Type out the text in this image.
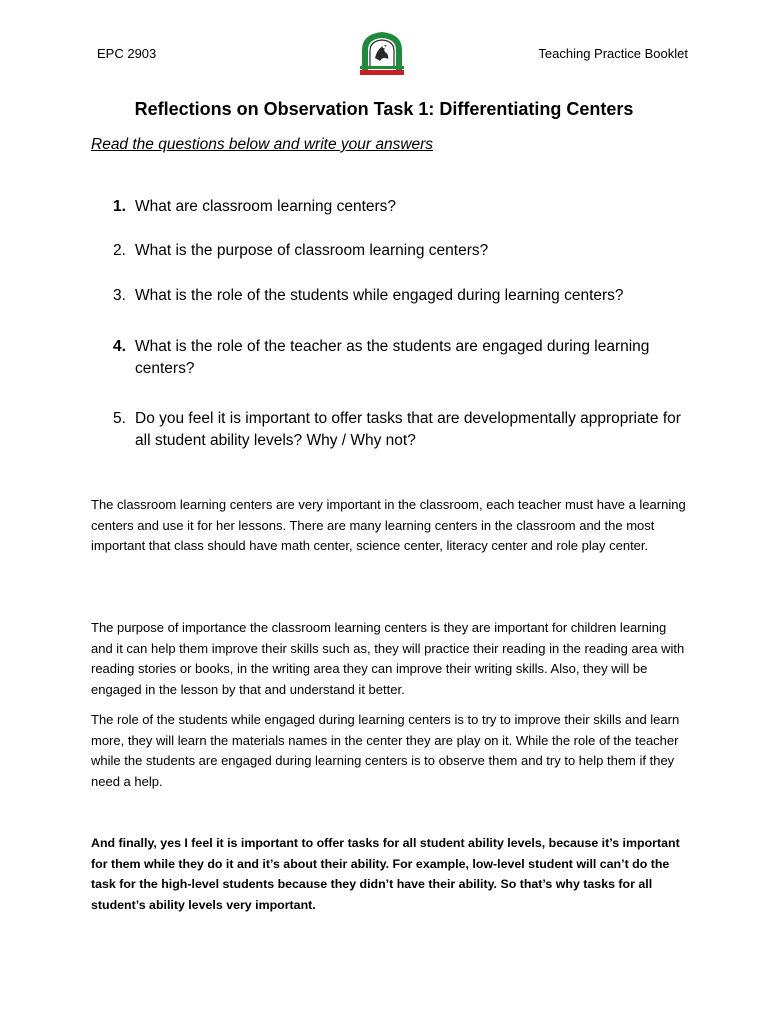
EPC 2903	Teaching Practice Booklet
Reflections on Observation Task 1: Differentiating Centers
Read the questions below and write your answers
1. What are classroom learning centers?
2. What is the purpose of classroom learning centers?
3. What is the role of the students while engaged during learning centers?
4. What is the role of the teacher as the students are engaged during learning centers?
5. Do you feel it is important to offer tasks that are developmentally appropriate for all student ability levels? Why / Why not?

The classroom learning centers are very important in the classroom, each teacher must have a learning centers and use it for her lessons. There are many learning centers in the classroom and the most important that class should have math center, science center, literacy center and role play center.

The purpose of importance the classroom learning centers is they are important for children learning and it can help them improve their skills such as, they will practice their reading in the reading area with reading stories or books, in the writing area they can improve their writing skills. Also, they will be engaged in the lesson by that and understand it better.

The role of the students while engaged during learning centers is to try to improve their skills and learn more, they will learn the materials names in the center they are play on it. While the role of the teacher while the students are engaged during learning centers is to observe them and try to help them if they need a help.

And finally, yes I feel it is important to offer tasks for all student ability levels, because it’s important for them while they do it and it’s about their ability. For example, low-level student will can’t do the task for the high-level students because they didn’t have their ability. So that’s why tasks for all student’s ability levels very important.
